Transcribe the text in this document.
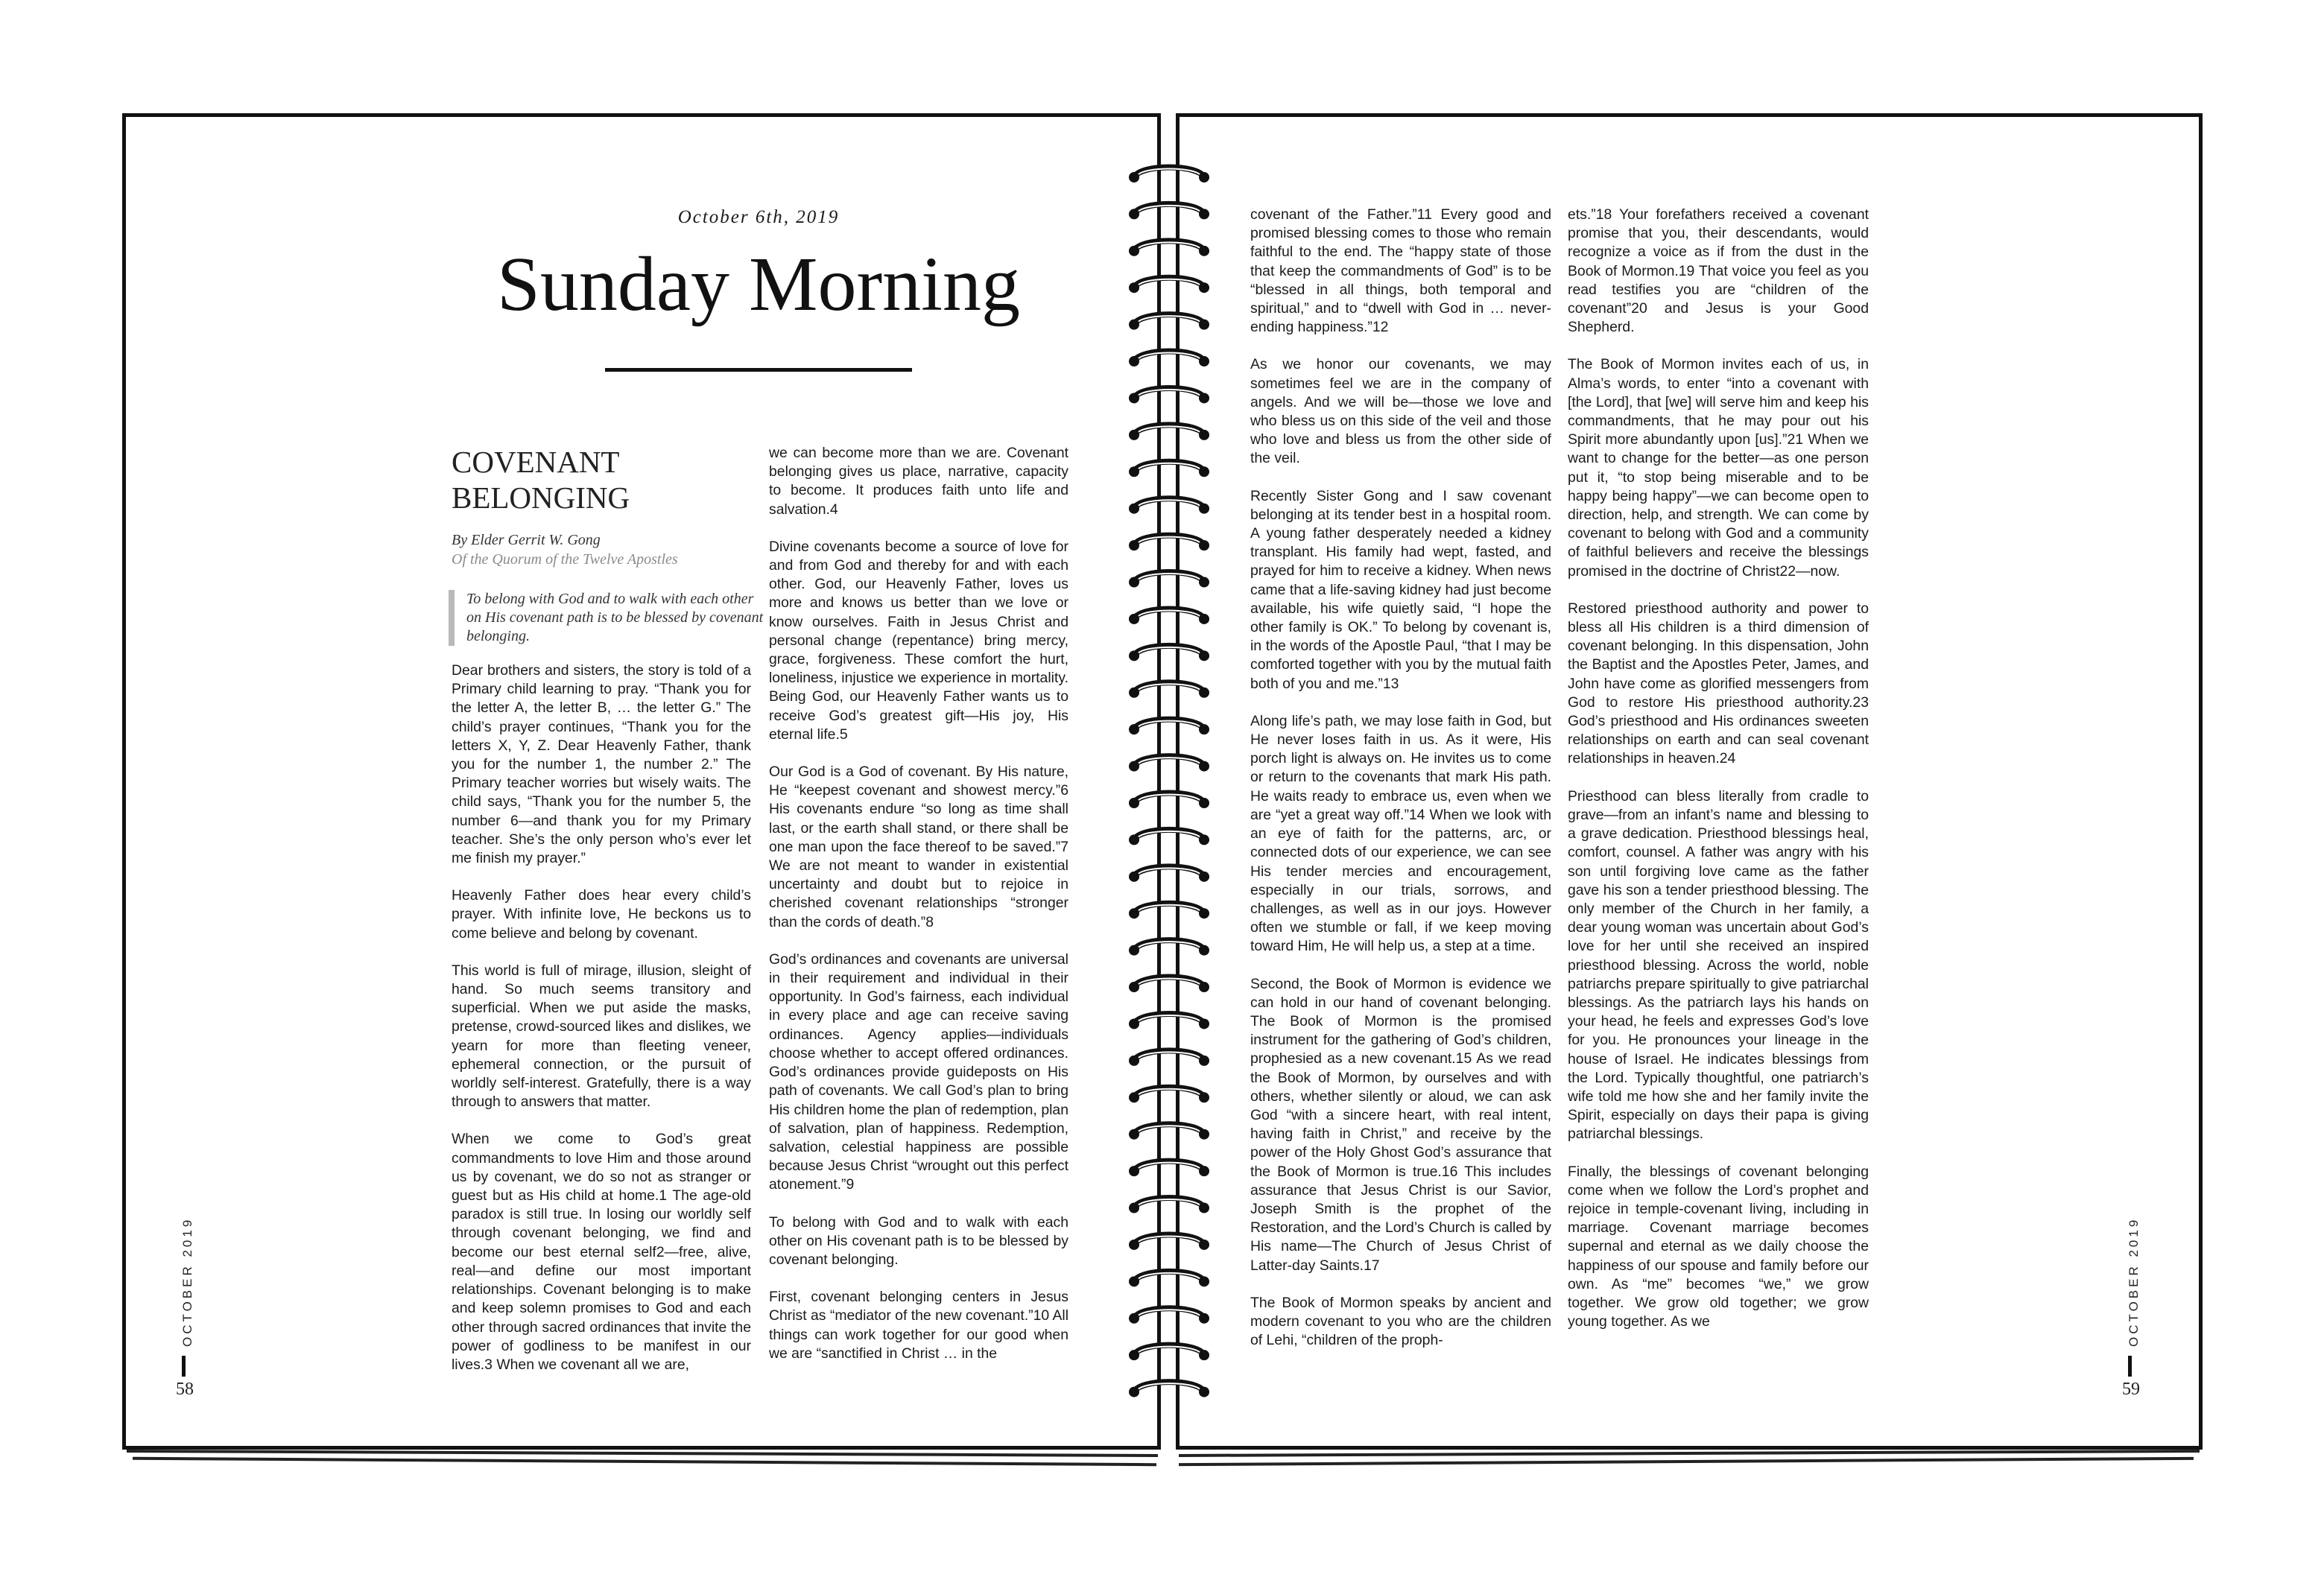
October 6th, 2019
Sunday Morning
COVENANT
BELONGING
By Elder Gerrit W. Gong
Of the Quorum of the Twelve Apostles
To belong with God and to walk with each other on His covenant path is to be blessed by covenant belonging.

Dear brothers and sisters, the story is told of a Primary child learning to pray. “Thank you for the letter A, the letter B, … the letter G.” The child’s prayer continues, “Thank you for the letters X, Y, Z. Dear Heavenly Father, thank you for the number 1, the number 2.” The Primary teacher worries but wisely waits. The child says, “Thank you for the number 5, the number 6—and thank you for my Primary teacher. She’s the only person who’s ever let me finish my prayer.”

Heavenly Father does hear every child’s prayer. With infinite love, He beckons us to come believe and belong by covenant.

This world is full of mirage, illusion, sleight of hand. So much seems transitory and superficial. When we put aside the masks, pretense, crowd-sourced likes and dislikes, we yearn for more than fleeting veneer, ephemeral connection, or the pursuit of worldly self-interest. Gratefully, there is a way through to answers that matter.

When we come to God’s great commandments to love Him and those around us by covenant, we do so not as stranger or guest but as His child at home.1 The age-old paradox is still true. In losing our worldly self through covenant belonging, we find and become our best eternal self2—free, alive, real—and define our most important relationships. Covenant belonging is to make and keep solemn promises to God and each other through sacred ordinances that invite the power of godliness to be manifest in our lives.3 When we covenant all we are,

we can become more than we are. Covenant belonging gives us place, narrative, capacity to become. It produces faith unto life and salvation.4

Divine covenants become a source of love for and from God and thereby for and with each other. God, our Heavenly Father, loves us more and knows us better than we love or know ourselves. Faith in Jesus Christ and personal change (repentance) bring mercy, grace, forgiveness. These comfort the hurt, loneliness, injustice we experience in mortality. Being God, our Heavenly Father wants us to receive God’s greatest gift—His joy, His eternal life.5

Our God is a God of covenant. By His nature, He “keepest covenant and showest mercy.”6 His covenants endure “so long as time shall last, or the earth shall stand, or there shall be one man upon the face thereof to be saved.”7 We are not meant to wander in existential uncertainty and doubt but to rejoice in cherished covenant relationships “stronger than the cords of death.”8

God’s ordinances and covenants are universal in their requirement and individual in their opportunity. In God’s fairness, each individual in every place and age can receive saving ordinances. Agency applies—individuals choose whether to accept offered ordinances. God’s ordinances provide guideposts on His path of covenants. We call God’s plan to bring His children home the plan of redemption, plan of salvation, plan of happiness. Redemption, salvation, celestial happiness are possible because Jesus Christ “wrought out this perfect atonement.”9

To belong with God and to walk with each other on His covenant path is to be blessed by covenant belonging.

First, covenant belonging centers in Jesus Christ as “mediator of the new covenant.”10 All things can work together for our good when we are “sanctified in Christ … in the

covenant of the Father.”11 Every good and promised blessing comes to those who remain faithful to the end. The “happy state of those that keep the commandments of God” is to be “blessed in all things, both temporal and spiritual,” and to “dwell with God in … never-ending happiness.”12

As we honor our covenants, we may sometimes feel we are in the company of angels. And we will be—those we love and who bless us on this side of the veil and those who love and bless us from the other side of the veil.

Recently Sister Gong and I saw covenant belonging at its tender best in a hospital room. A young father desperately needed a kidney transplant. His family had wept, fasted, and prayed for him to receive a kidney. When news came that a life-saving kidney had just become available, his wife quietly said, “I hope the other family is OK.” To belong by covenant is, in the words of the Apostle Paul, “that I may be comforted together with you by the mutual faith both of you and me.”13

Along life’s path, we may lose faith in God, but He never loses faith in us. As it were, His porch light is always on. He invites us to come or return to the covenants that mark His path. He waits ready to embrace us, even when we are “yet a great way off.”14 When we look with an eye of faith for the patterns, arc, or connected dots of our experience, we can see His tender mercies and encouragement, especially in our trials, sorrows, and challenges, as well as in our joys. However often we stumble or fall, if we keep moving toward Him, He will help us, a step at a time.

Second, the Book of Mormon is evidence we can hold in our hand of covenant belonging. The Book of Mormon is the promised instrument for the gathering of God’s children, prophesied as a new covenant.15 As we read the Book of Mormon, by ourselves and with others, whether silently or aloud, we can ask God “with a sincere heart, with real intent, having faith in Christ,” and receive by the power of the Holy Ghost God’s assurance that the Book of Mormon is true.16 This includes assurance that Jesus Christ is our Savior, Joseph Smith is the prophet of the Restoration, and the Lord’s Church is called by His name—The Church of Jesus Christ of Latter-day Saints.17

The Book of Mormon speaks by ancient and modern covenant to you who are the children of Lehi, “children of the proph-

ets.”18 Your forefathers received a covenant promise that you, their descendants, would recognize a voice as if from the dust in the Book of Mormon.19 That voice you feel as you read testifies you are “children of the covenant”20 and Jesus is your Good Shepherd.

The Book of Mormon invites each of us, in Alma’s words, to enter “into a covenant with [the Lord], that [we] will serve him and keep his commandments, that he may pour out his Spirit more abundantly upon [us].”21 When we want to change for the better—as one person put it, “to stop being miserable and to be happy being happy”—we can become open to direction, help, and strength. We can come by covenant to belong with God and a community of faithful believers and receive the blessings promised in the doctrine of Christ22—now.

Restored priesthood authority and power to bless all His children is a third dimension of covenant belonging. In this dispensation, John the Baptist and the Apostles Peter, James, and John have come as glorified messengers from God to restore His priesthood authority.23 God’s priesthood and His ordinances sweeten relationships on earth and can seal covenant relationships in heaven.24

Priesthood can bless literally from cradle to grave—from an infant’s name and blessing to a grave dedication. Priesthood blessings heal, comfort, counsel. A father was angry with his son until forgiving love came as the father gave his son a tender priesthood blessing. The only member of the Church in her family, a dear young woman was uncertain about God’s love for her until she received an inspired priesthood blessing. Across the world, noble patriarchs prepare spiritually to give patriarchal blessings. As the patriarch lays his hands on your head, he feels and expresses God’s love for you. He pronounces your lineage in the house of Israel. He indicates blessings from the Lord. Typically thoughtful, one patriarch’s wife told me how she and her family invite the Spirit, especially on days their papa is giving patriarchal blessings.

Finally, the blessings of covenant belonging come when we follow the Lord’s prophet and rejoice in temple-covenant living, including in marriage. Covenant marriage becomes supernal and eternal as we daily choose the happiness of our spouse and family before our own. As “me” becomes “we,” we grow together. We grow old together; we grow young together. As we

OCTOBER 2019
58
OCTOBER 2019
59
